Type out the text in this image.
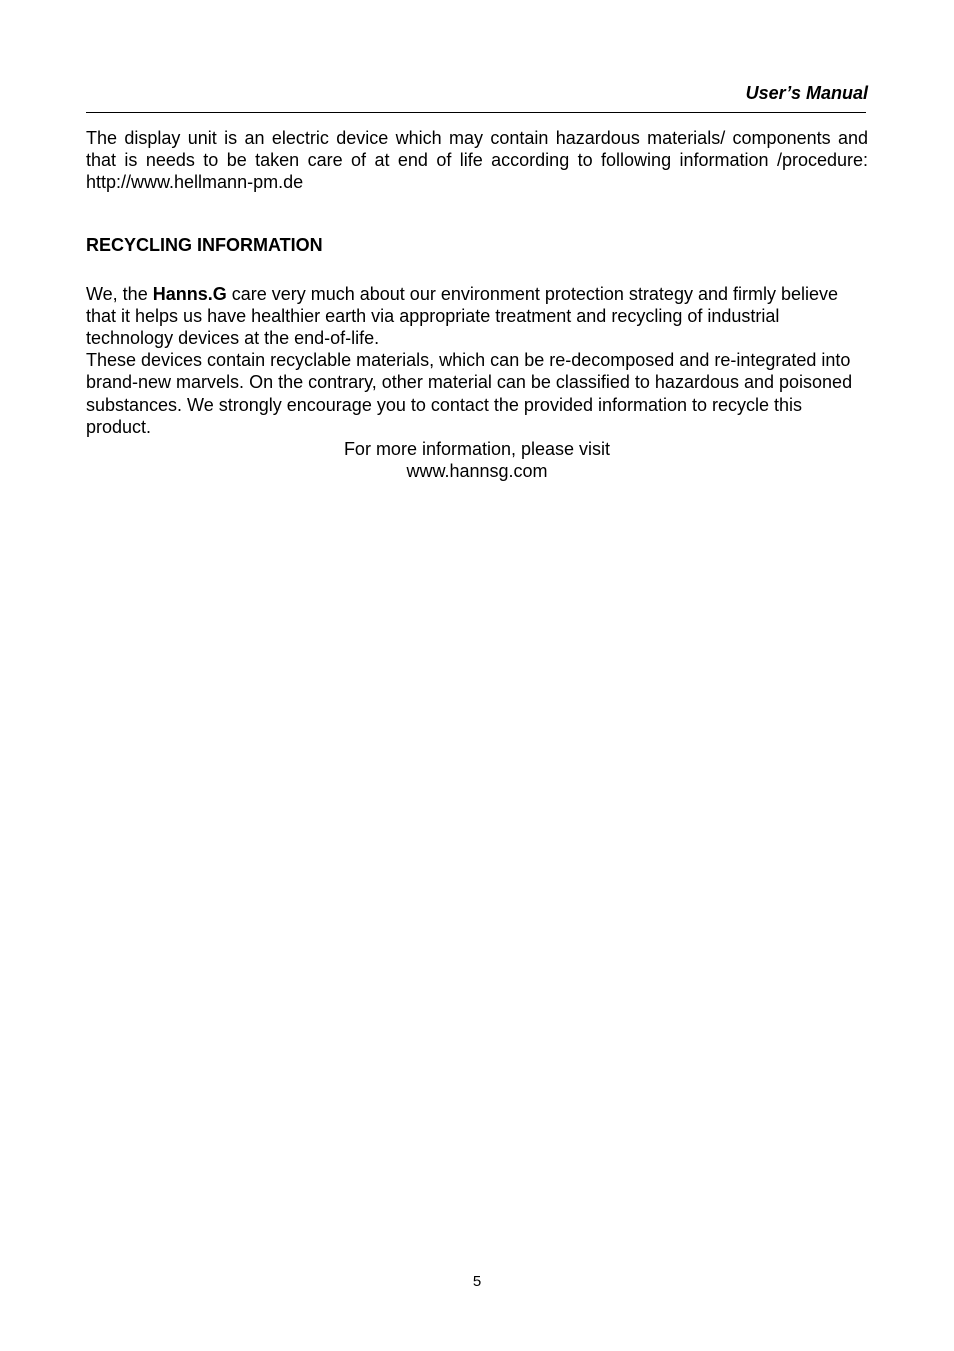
User’s Manual

The display unit is an electric device which may contain hazardous materials/ components and that is needs to be taken care of at end of life according to following information /procedure: http://www.hellmann-pm.de

RECYCLING INFORMATION

We, the Hanns.G care very much about our environment protection strategy and firmly believe that it helps us have healthier earth via appropriate treatment and recycling of industrial technology devices at the end-of-life.

These devices contain recyclable materials, which can be re-decomposed and re-integrated into brand-new marvels. On the contrary, other material can be classified to hazardous and poisoned substances. We strongly encourage you to contact the provided information to recycle this product.

For more information, please visit

www.hannsg.com

5
